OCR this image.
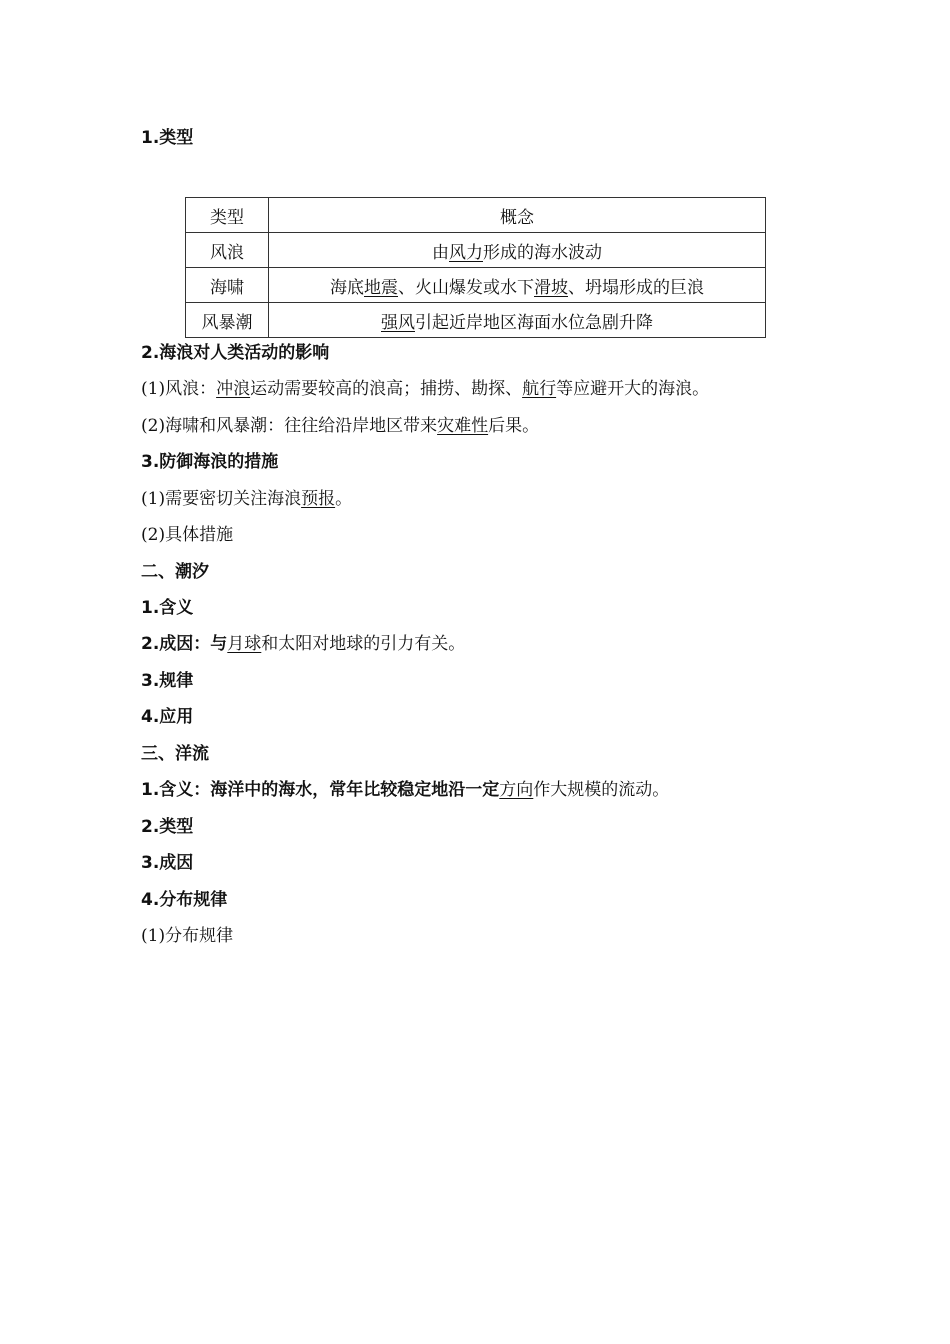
1.类型
类型	概念
风浪	由风力形成的海水波动
海啸	海底地震、火山爆发或水下滑坡、坍塌形成的巨浪
风暴潮	强风引起近岸地区海面水位急剧升降
2.海浪对人类活动的影响
(1)风浪：冲浪运动需要较高的浪高；捕捞、勘探、航行等应避开大的海浪。
(2)海啸和风暴潮：往往给沿岸地区带来灾难性后果。
3.防御海浪的措施
(1)需要密切关注海浪预报。
(2)具体措施
二、潮汐
1.含义
2.成因：与月球和太阳对地球的引力有关。
3.规律
4.应用
三、洋流
1.含义：海洋中的海水，常年比较稳定地沿一定方向作大规模的流动。
2.类型
3.成因
4.分布规律
(1)分布规律
